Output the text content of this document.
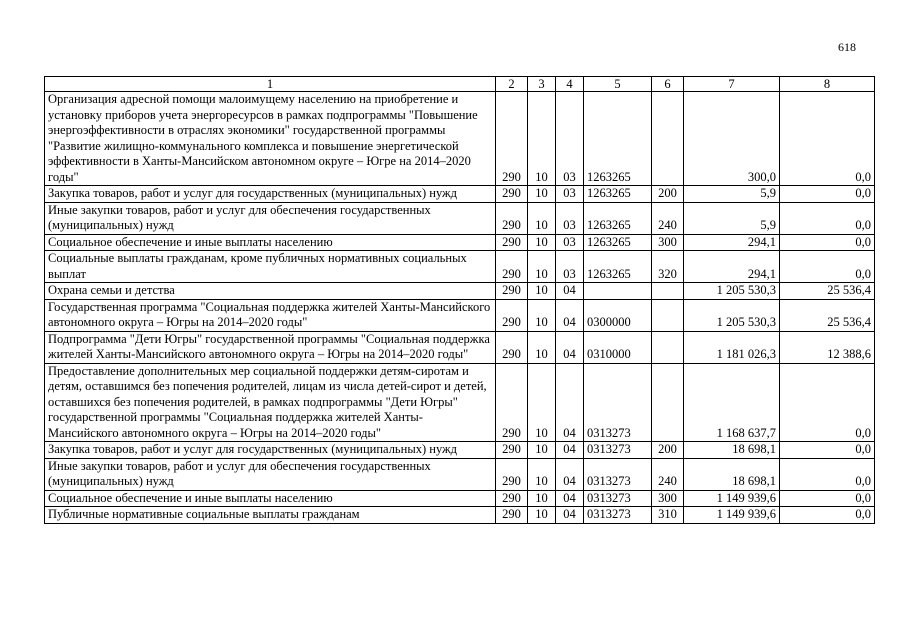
618
1	2	3	4	5	6	7	8
Организация адресной помощи малоимущему населению на приобретение и установку приборов учета энергоресурсов в рамках подпрограммы "Повышение энергоэффективности в отраслях экономики" государственной программы "Развитие жилищно-коммунального комплекса и повышение энергетической эффективности в Ханты-Мансийском автономном округе – Югре на 2014–2020 годы"	290	10	03	1263265		300,0	0,0
Закупка товаров, работ и услуг для государственных (муниципальных) нужд	290	10	03	1263265	200	5,9	0,0
Иные закупки товаров, работ и услуг для обеспечения государственных (муниципальных) нужд	290	10	03	1263265	240	5,9	0,0
Социальное обеспечение и иные выплаты населению	290	10	03	1263265	300	294,1	0,0
Социальные выплаты гражданам, кроме публичных нормативных социальных выплат	290	10	03	1263265	320	294,1	0,0
Охрана семьи и детства	290	10	04			1 205 530,3	25 536,4
Государственная программа "Социальная поддержка жителей Ханты-Мансийского автономного округа – Югры на 2014–2020 годы"	290	10	04	0300000		1 205 530,3	25 536,4
Подпрограмма "Дети Югры" государственной программы "Социальная поддержка жителей Ханты-Мансийского автономного округа – Югры на 2014–2020 годы"	290	10	04	0310000		1 181 026,3	12 388,6
Предоставление дополнительных мер социальной поддержки детям-сиротам и детям, оставшимся без попечения родителей, лицам из числа детей-сирот и детей, оставшихся без попечения родителей, в рамках подпрограммы "Дети Югры" государственной программы "Социальная поддержка жителей Ханты-Мансийского автономного округа – Югры на 2014–2020 годы"	290	10	04	0313273		1 168 637,7	0,0
Закупка товаров, работ и услуг для государственных (муниципальных) нужд	290	10	04	0313273	200	18 698,1	0,0
Иные закупки товаров, работ и услуг для обеспечения государственных (муниципальных) нужд	290	10	04	0313273	240	18 698,1	0,0
Социальное обеспечение и иные выплаты населению	290	10	04	0313273	300	1 149 939,6	0,0
Публичные нормативные социальные выплаты гражданам	290	10	04	0313273	310	1 149 939,6	0,0
